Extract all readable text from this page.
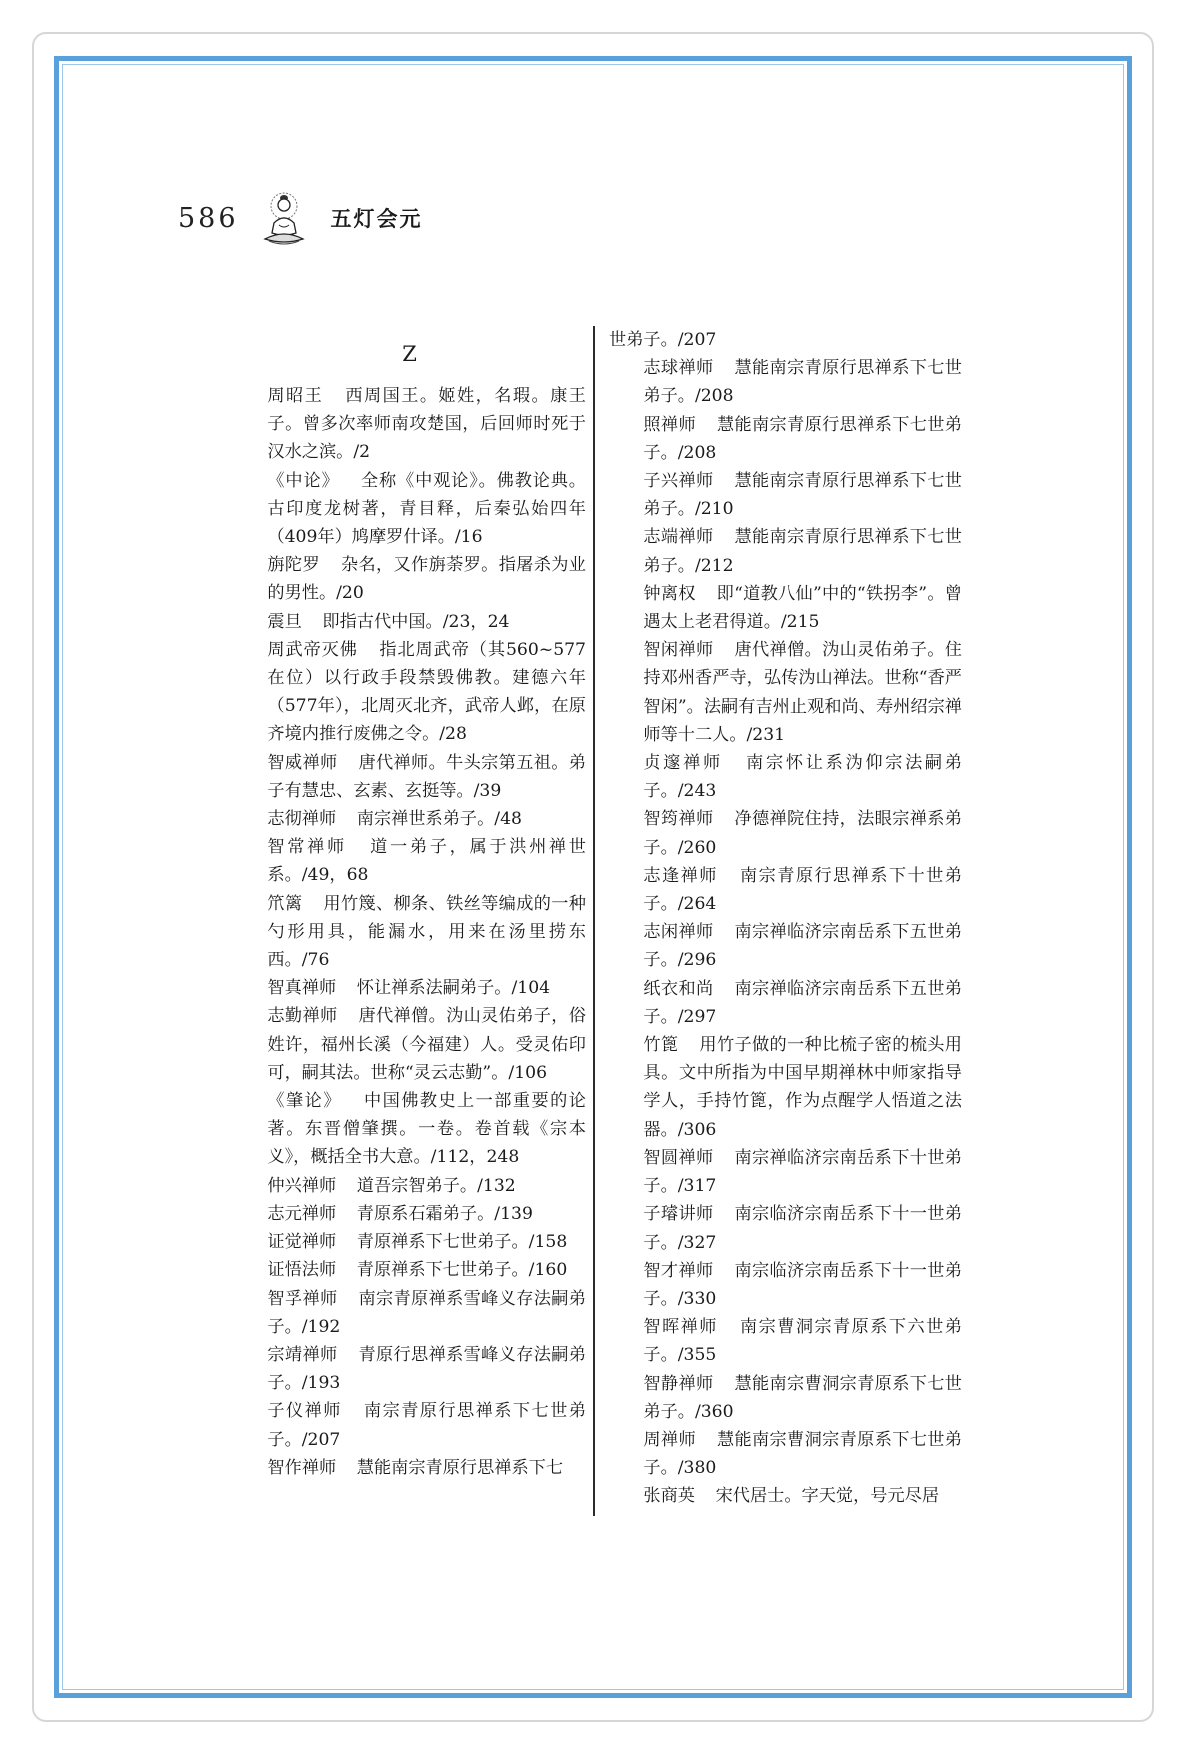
586	五灯会元
Z

周昭王 西周国王。姬姓，名瑕。康王子。曾多次率师南攻楚国，后回师时死于汉水之滨。/2

《中论》 全称《中观论》。佛教论典。古印度龙树著，青目释，后秦弘始四年（409年）鸠摩罗什译。/16

旃陀罗 杂名，又作旃荼罗。指屠杀为业的男性。/20

震旦 即指古代中国。/23，24

周武帝灭佛 指北周武帝（其560~577在位）以行政手段禁毁佛教。建德六年（577年），北周灭北齐，武帝人邺，在原齐境内推行废佛之令。/28

智威禅师 唐代禅师。牛头宗第五祖。弟子有慧忠、玄素、玄挺等。/39

志彻禅师 南宗禅世系弟子。/48

智常禅师 道一弟子，属于洪州禅世系。/49，68

笊篱 用竹篾、柳条、铁丝等编成的一种勺形用具，能漏水，用来在汤里捞东西。/76

智真禅师 怀让禅系法嗣弟子。/104

志勤禅师 唐代禅僧。沩山灵佑弟子，俗姓许，福州长溪（今福建）人。受灵佑印可，嗣其法。世称“灵云志勤”。/106

《肇论》 中国佛教史上一部重要的论著。东晋僧肇撰。一卷。卷首载《宗本义》，概括全书大意。/112，248

仲兴禅师 道吾宗智弟子。/132

志元禅师 青原系石霜弟子。/139

证觉禅师 青原禅系下七世弟子。/158

证悟法师 青原禅系下七世弟子。/160

智孚禅师 南宗青原禅系雪峰义存法嗣弟子。/192

宗靖禅师 青原行思禅系雪峰义存法嗣弟子。/193

子仪禅师 南宗青原行思禅系下七世弟子。/207

智作禅师 慧能南宗青原行思禅系下七

世弟子。/207

志球禅师 慧能南宗青原行思禅系下七世弟子。/208

照禅师 慧能南宗青原行思禅系下七世弟子。/208

子兴禅师 慧能南宗青原行思禅系下七世弟子。/210

志端禅师 慧能南宗青原行思禅系下七世弟子。/212

钟离权 即“道教八仙”中的“铁拐李”。曾遇太上老君得道。/215

智闲禅师 唐代禅僧。沩山灵佑弟子。住持邓州香严寺，弘传沩山禅法。世称“香严智闲”。法嗣有吉州止观和尚、寿州绍宗禅师等十二人。/231

贞邃禅师 南宗怀让系沩仰宗法嗣弟子。/243

智筠禅师 净德禅院住持，法眼宗禅系弟子。/260

志逢禅师 南宗青原行思禅系下十世弟子。/264

志闲禅师 南宗禅临济宗南岳系下五世弟子。/296

纸衣和尚 南宗禅临济宗南岳系下五世弟子。/297

竹篦 用竹子做的一种比梳子密的梳头用具。文中所指为中国早期禅林中师家指导学人，手持竹篦，作为点醒学人悟道之法器。/306

智圆禅师 南宗禅临济宗南岳系下十世弟子。/317

子璿讲师 南宗临济宗南岳系下十一世弟子。/327

智才禅师 南宗临济宗南岳系下十一世弟子。/330

智晖禅师 南宗曹洞宗青原系下六世弟子。/355

智静禅师 慧能南宗曹洞宗青原系下七世弟子。/360

周禅师 慧能南宗曹洞宗青原系下七世弟子。/380

张商英 宋代居士。字天觉，号元尽居
